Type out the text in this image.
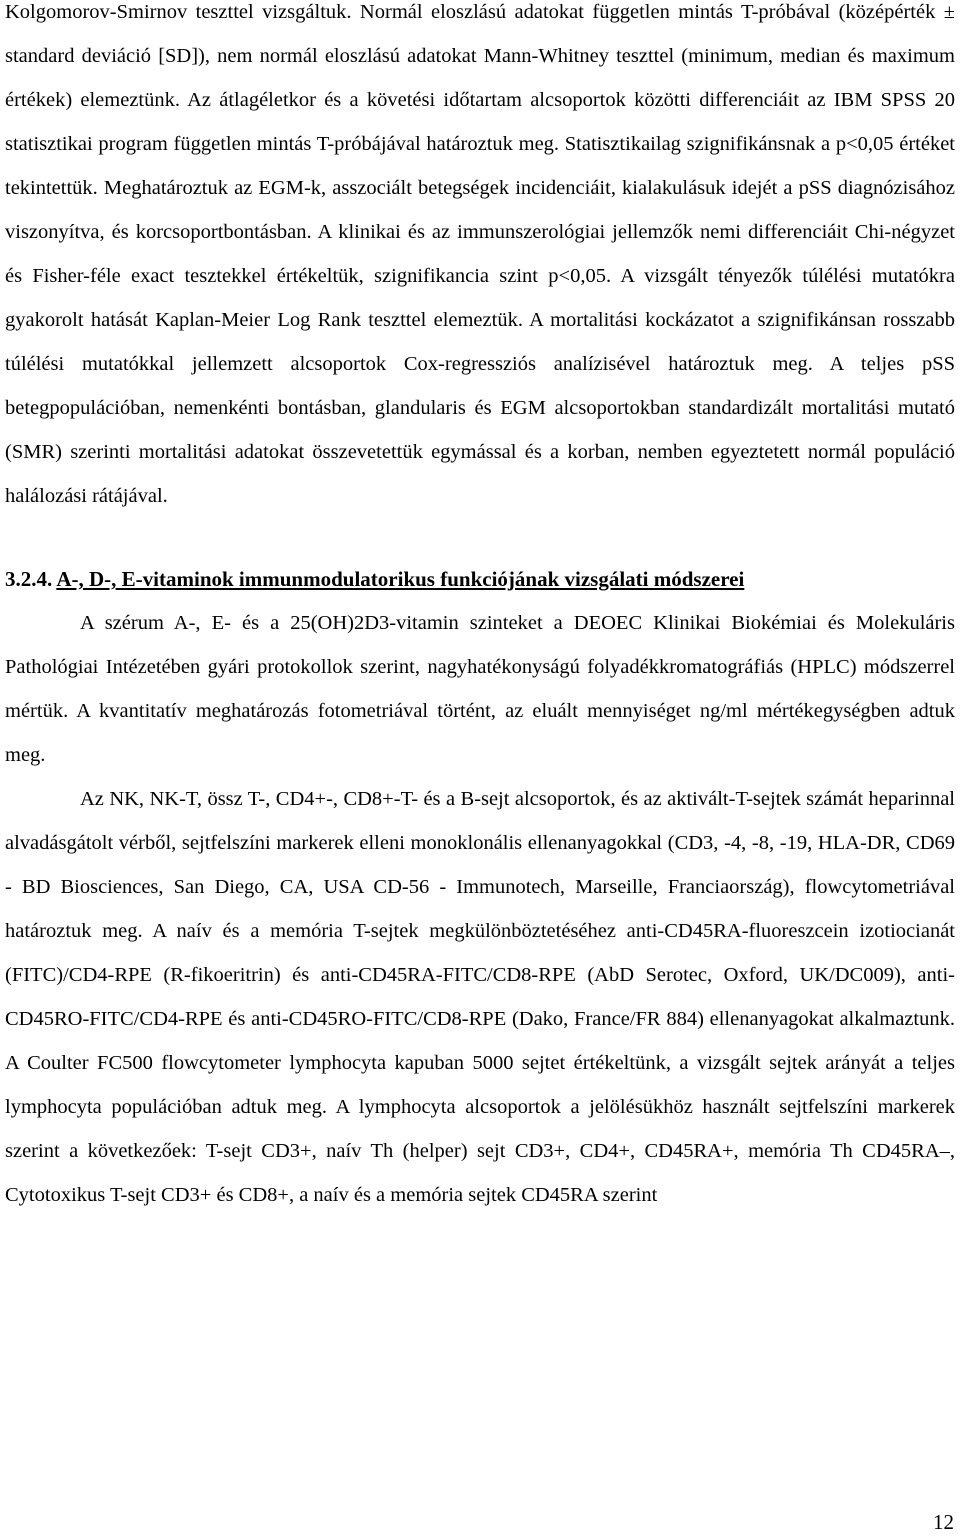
Kolgomorov-Smirnov teszttel vizsgáltuk. Normál eloszlású adatokat független mintás T-próbával (középérték ± standard deviáció [SD]), nem normál eloszlású adatokat Mann-Whitney teszttel (minimum, median és maximum értékek) elemeztünk. Az átlagéletkor és a követési időtartam alcsoportok közötti differenciáit az IBM SPSS 20 statisztikai program független mintás T-próbájával határoztuk meg. Statisztikailag szignifikánsnak a p<0,05 értéket tekintettük. Meghatároztuk az EGM-k, asszociált betegségek incidenciáit, kialakulásuk idejét a pSS diagnózisához viszonyítva, és korcsoportbontásban. A klinikai és az immunszerológiai jellemzők nemi differenciáit Chi-négyzet és Fisher-féle exact tesztekkel értékeltük, szignifikancia szint p<0,05. A vizsgált tényezők túlélési mutatókra gyakorolt hatását Kaplan-Meier Log Rank teszttel elemeztük. A mortalitási kockázatot a szignifikánsan rosszabb túlélési mutatókkal jellemzett alcsoportok Cox-regressziós analízisével határoztuk meg. A teljes pSS betegpopulációban, nemenkénti bontásban, glandularis és EGM alcsoportokban standardizált mortalitási mutató (SMR) szerinti mortalitási adatokat összevetettük egymással és a korban, nemben egyeztetett normál populáció halálozási rátájával.

3.2.4. A-, D-, E-vitaminok immunmodulatorikus funkciójának vizsgálati módszerei

A szérum A-, E- és a 25(OH)2D3-vitamin szinteket a DEOEC Klinikai Biokémiai és Molekuláris Pathológiai Intézetében gyári protokollok szerint, nagyhatékonyságú folyadékkromatográfiás (HPLC) módszerrel mértük. A kvantitatív meghatározás fotometriával történt, az eluált mennyiséget ng/ml mértékegységben adtuk meg.

Az NK, NK-T, össz T-, CD4+-, CD8+-T- és a B-sejt alcsoportok, és az aktivált-T-sejtek számát heparinnal alvadásgátolt vérből, sejtfelszíni markerek elleni monoklonális ellenanyagokkal (CD3, -4, -8, -19, HLA-DR, CD69 - BD Biosciences, San Diego, CA, USA CD-56 - Immunotech, Marseille, Franciaország), flowcytometriával határoztuk meg. A naív és a memória T-sejtek megkülönböztetéséhez anti-CD45RA-fluoreszcein izotiocianát (FITC)/CD4-RPE (R-fikoeritrin) és anti-CD45RA-FITC/CD8-RPE (AbD Serotec, Oxford, UK/DC009), anti-CD45RO-FITC/CD4-RPE és anti-CD45RO-FITC/CD8-RPE (Dako, France/FR 884) ellenanyagokat alkalmaztunk. A Coulter FC500 flowcytometer lymphocyta kapuban 5000 sejtet értékeltünk, a vizsgált sejtek arányát a teljes lymphocyta populációban adtuk meg. A lymphocyta alcsoportok a jelölésükhöz használt sejtfelszíni markerek szerint a következőek: T-sejt CD3+, naív Th (helper) sejt CD3+, CD4+, CD45RA+, memória Th CD45RA–, Cytotoxikus T-sejt CD3+ és CD8+, a naív és a memória sejtek CD45RA szerint

12
